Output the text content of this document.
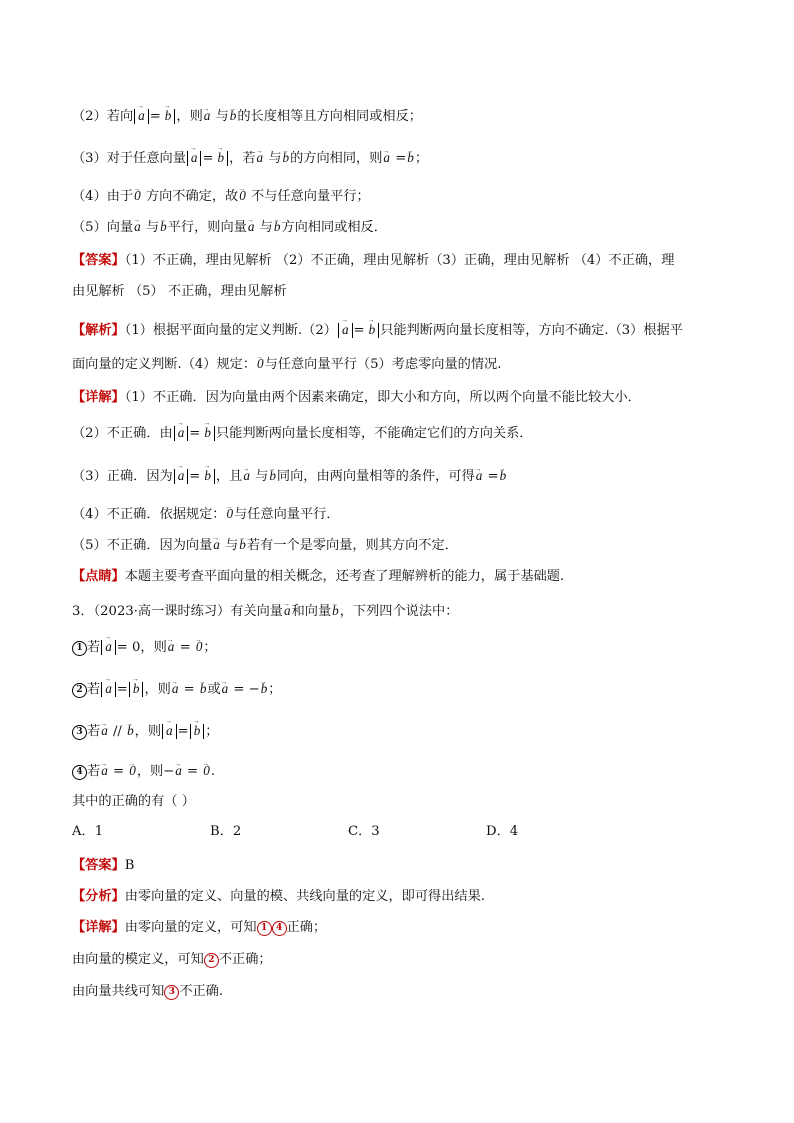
（2）若向 → a = → b ，则→ a 与→ b的长度相等且方向相同或相反；
（3）对于任意向量 → a = → b ，若→ a 与→ b的方向相同，则→ a =→ b；
（4）由于→ 0 方向不确定，故→ 0 不与任意向量平行；
（5）向量→ a 与→ b平行，则向量→ a 与→ b方向相同或相反．
【答案】（1）不正确，理由见解析 （2）不正确，理由见解析（3）正确，理由见解析 （4）不正确，理
由见解析 （5） 不正确，理由见解析
【解析】（1）根据平面向量的定义判断.（2） → a = → b 只能判断两向量长度相等，方向不确定.（3）根据平
面向量的定义判断.（4）规定：→ 0与任意向量平行（5）考虑零向量的情况.
【详解】（1）不正确．因为向量由两个因素来确定，即大小和方向，所以两个向量不能比较大小．
（2）不正确．由 → a = → b 只能判断两向量长度相等，不能确定它们的方向关系．
（3）正确．因为 → a = → b ，且→ a 与→ b同向，由两向量相等的条件，可得→ a =→ b
（4）不正确．依据规定：→ 0与任意向量平行．
（5）不正确．因为向量→ a 与→ b若有一个是零向量，则其方向不定．
【点睛】本题主要考查平面向量的相关概念，还考查了理解辨析的能力，属于基础题.
3．（2023·高一课时练习）有关向量→ a和向量→ b，下列四个说法中：
1 若 → a = 0，则→ a = → 0；
2 若 → a = → b ，则→ a = → b或→ a = −→ b；
3 若→ a // → b，则 → a = → b ；
4 若→ a = → 0，则−→ a = → 0.
其中的正确的有（ ）
A．1	B．2	C．3	D．4
【答案】B
【分析】由零向量的定义、向量的模、共线向量的定义，即可得出结果.
【详解】由零向量的定义，可知 1 4 正确；
由向量的模定义，可知 2 不正确；
由向量共线可知 3 不正确.
